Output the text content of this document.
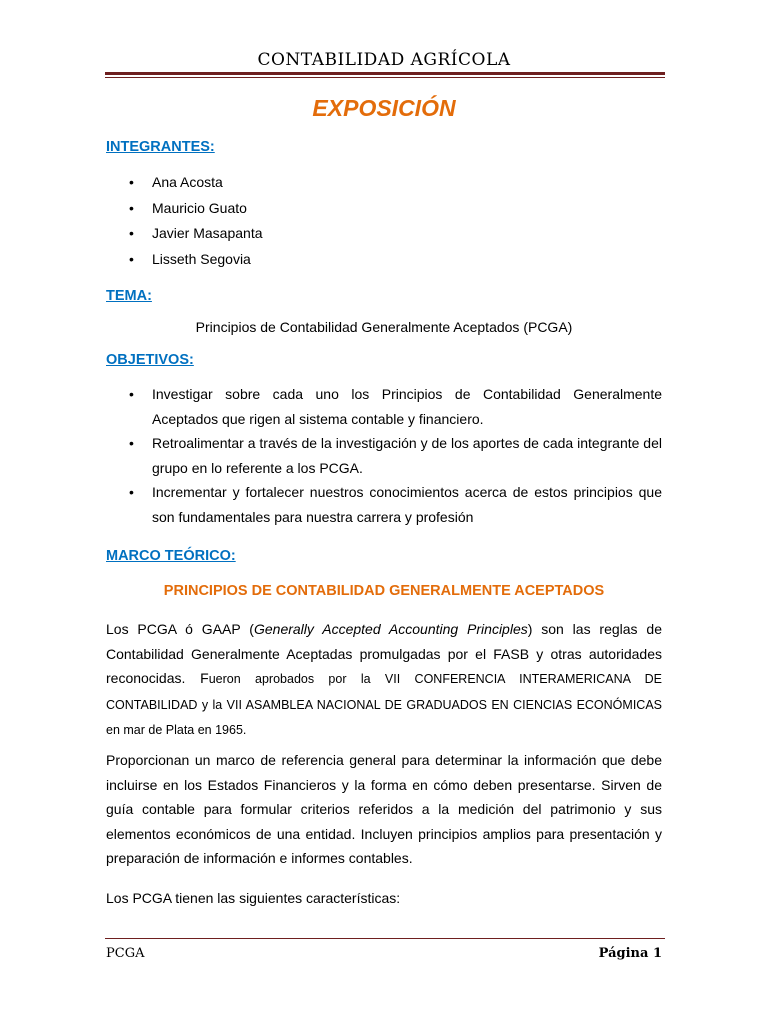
CONTABILIDAD AGRÍCOLA
EXPOSICIÓN
INTEGRANTES:
• Ana Acosta
• Mauricio Guato
• Javier Masapanta
• Lisseth Segovia
TEMA:
Principios de Contabilidad Generalmente Aceptados (PCGA)
OBJETIVOS:
• Investigar sobre cada uno los Principios de Contabilidad Generalmente Aceptados que rigen al sistema contable y financiero.
• Retroalimentar a través de la investigación y de los aportes de cada integrante del grupo en lo referente a los PCGA.
• Incrementar y fortalecer nuestros conocimientos acerca de estos principios que son fundamentales para nuestra carrera y profesión
MARCO TEÓRICO:
PRINCIPIOS DE CONTABILIDAD GENERALMENTE ACEPTADOS

Los PCGA ó GAAP (Generally Accepted Accounting Principles) son las reglas de Contabilidad Generalmente Aceptadas promulgadas por el FASB y otras autoridades reconocidas. Fueron aprobados por la VII CONFERENCIA INTERAMERICANA DE CONTABILIDAD y la VII ASAMBLEA NACIONAL DE GRADUADOS EN CIENCIAS ECONÓMICAS en mar de Plata en 1965.

Proporcionan un marco de referencia general para determinar la información que debe incluirse en los Estados Financieros y la forma en cómo deben presentarse. Sirven de guía contable para formular criterios referidos a la medición del patrimonio y sus elementos económicos de una entidad. Incluyen principios amplios para presentación y preparación de información e informes contables.

Los PCGA tienen las siguientes características:

PCGA	Página 1
